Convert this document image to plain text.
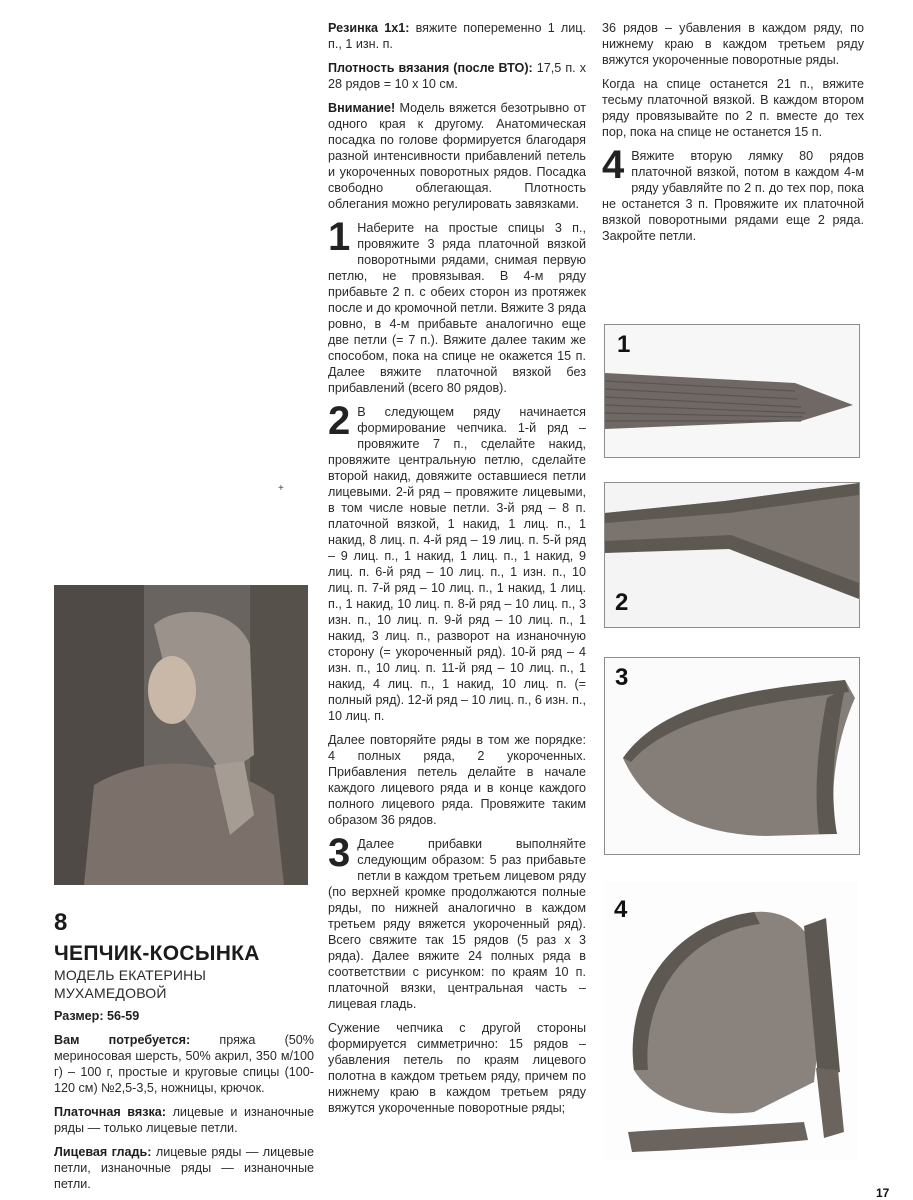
Резинка 1х1: вяжите попеременно 1 лиц. п., 1 изн. п.

Плотность вязания (после ВТО): 17,5 п. х 28 рядов = 10 х 10 см.

Внимание! Модель вяжется безотрывно от одного края к другому. Анатомическая посадка по голове формируется благодаря разной интенсивности прибавлений петель и укороченных поворотных рядов. Посадка свободно облегающая. Плотность облегания можно регулировать завязками.

1 Наберите на простые спицы 3 п., провяжите 3 ряда платочной вязкой поворотными рядами, снимая первую петлю, не провязывая. В 4-м ряду прибавьте 2 п. с обеих сторон из протяжек после и до кромочной петли. Вяжите 3 ряда ровно, в 4-м прибавьте аналогично еще две петли (= 7 п.). Вяжите далее таким же способом, пока на спице не окажется 15 п. Далее вяжите платочной вязкой без прибавлений (всего 80 рядов).

2 В следующем ряду начинается формирование чепчика. 1-й ряд – провяжите 7 п., сделайте накид, провяжите центральную петлю, сделайте второй накид, довяжите оставшиеся петли лицевыми. 2-й ряд – провяжите лицевыми, в том числе новые петли. 3-й ряд – 8 п. платочной вязкой, 1 накид, 1 лиц. п., 1 накид, 8 лиц. п. 4-й ряд – 19 лиц. п. 5-й ряд – 9 лиц. п., 1 накид, 1 лиц. п., 1 накид, 9 лиц. п. 6-й ряд – 10 лиц. п., 1 изн. п., 10 лиц. п. 7-й ряд – 10 лиц. п., 1 накид, 1 лиц. п., 1 накид, 10 лиц. п. 8-й ряд – 10 лиц. п., 3 изн. п., 10 лиц. п. 9-й ряд – 10 лиц. п., 1 накид, 3 лиц. п., разворот на изнаночную сторону (= укороченный ряд). 10-й ряд – 4 изн. п., 10 лиц. п. 11-й ряд – 10 лиц. п., 1 накид, 4 лиц. п., 1 накид, 10 лиц. п. (= полный ряд). 12-й ряд – 10 лиц. п., 6 изн. п., 10 лиц. п.

Далее повторяйте ряды в том же порядке: 4 полных ряда, 2 укороченных. Прибавления петель делайте в начале каждого лицевого ряда и в конце каждого полного лицевого ряда. Провяжите таким образом 36 рядов.

3 Далее прибавки выполняйте следующим образом: 5 раз прибавьте петли в каждом третьем лицевом ряду (по верхней кромке продолжаются полные ряды, по нижней аналогично в каждом третьем ряду вяжется укороченный ряд). Всего свяжите так 15 рядов (5 раз х 3 ряда). Далее вяжите 24 полных ряда в соответствии с рисунком: по краям 10 п. платочной вязки, центральная часть – лицевая гладь.

Сужение чепчика с другой стороны формируется симметрично: 15 рядов – убавления петель по краям лицевого полотна в каждом третьем ряду, причем по нижнему краю в каждом третьем ряду вяжутся укороченные поворотные ряды;

36 рядов – убавления в каждом ряду, по нижнему краю в каждом третьем ряду вяжутся укороченные поворотные ряды.

Когда на спице останется 21 п., вяжите тесьму платочной вязкой. В каждом втором ряду провязывайте по 2 п. вместе до тех пор, пока на спице не останется 15 п.

4 Вяжите вторую лямку 80 рядов платочной вязкой, потом в каждом 4-м ряду убавляйте по 2 п. до тех пор, пока не останется 3 п. Провяжите их платочной вязкой поворотными рядами еще 2 ряда. Закройте петли.

1
2
3
4
8
ЧЕПЧИК-КОСЫНКА
МОДЕЛЬ ЕКАТЕРИНЫ МУХАМЕДОВОЙ

Размер: 56-59

Вам потребуется: пряжа (50% мериносовая шерсть, 50% акрил, 350 м/100 г) – 100 г, простые и круговые спицы (100-120 см) №2,5-3,5, ножницы, крючок.

Платочная вязка: лицевые и изнаночные ряды — только лицевые петли.

Лицевая гладь: лицевые ряды — лицевые петли, изнаночные ряды — изнаночные петли.

+
17
